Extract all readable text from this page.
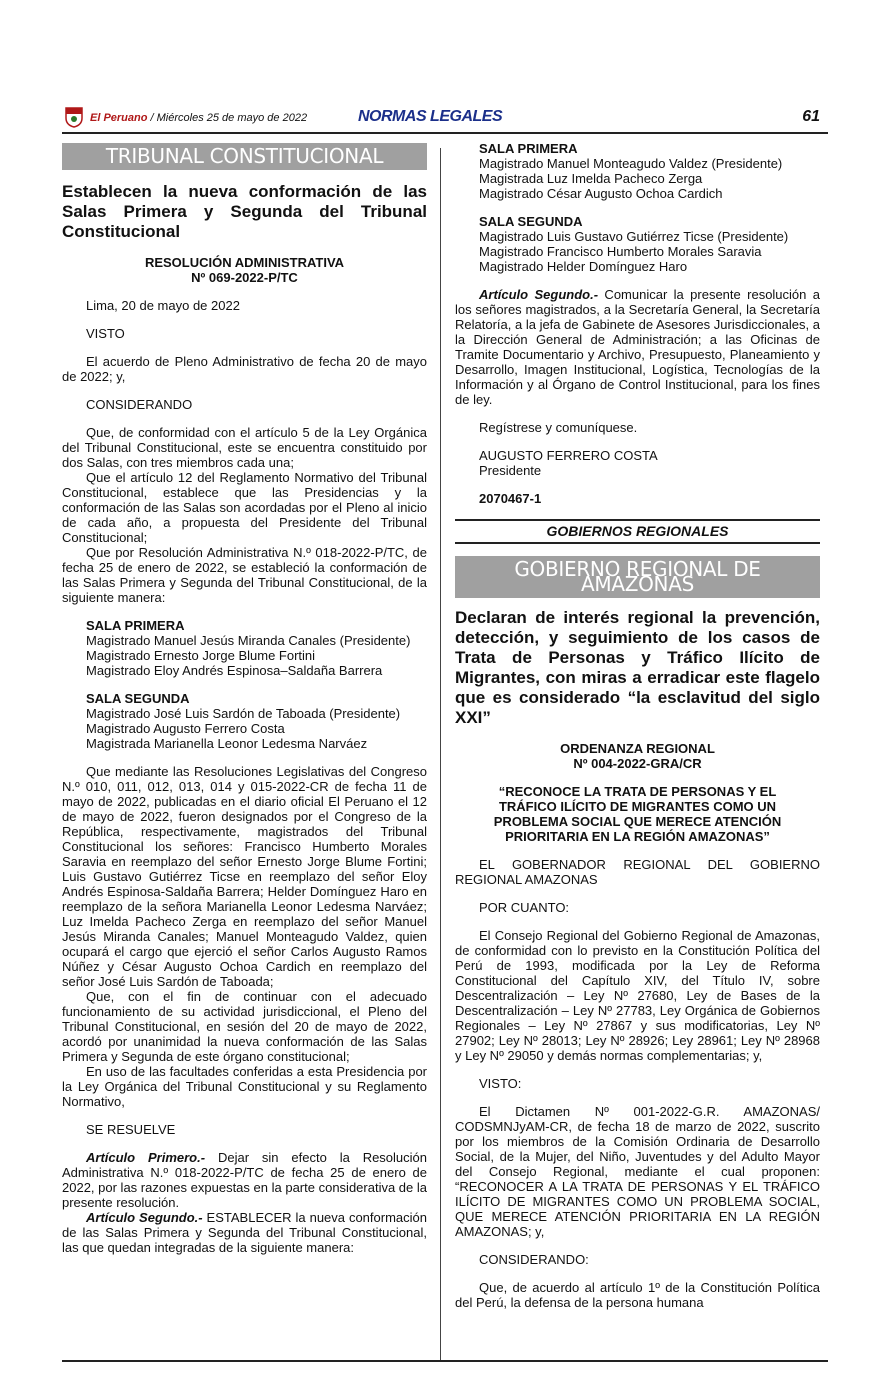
El Peruano / Miércoles 25 de mayo de 2022	NORMAS LEGALES	61
TRIBUNAL CONSTITUCIONAL

Establecen la nueva conformación de las Salas Primera y Segunda del Tribunal Constitucional

RESOLUCIÓN ADMINISTRATIVA
Nº 069-2022-P/TC

Lima, 20 de mayo de 2022

VISTO

El acuerdo de Pleno Administrativo de fecha 20 de mayo de 2022; y,

CONSIDERANDO

Que, de conformidad con el artículo 5 de la Ley Orgánica del Tribunal Constitucional, este se encuentra constituido por dos Salas, con tres miembros cada una;

Que el artículo 12 del Reglamento Normativo del Tribunal Constitucional, establece que las Presidencias y la conformación de las Salas son acordadas por el Pleno al inicio de cada año, a propuesta del Presidente del Tribunal Constitucional;

Que por Resolución Administrativa N.º 018-2022-P/TC, de fecha 25 de enero de 2022, se estableció la conformación de las Salas Primera y Segunda del Tribunal Constitucional, de la siguiente manera:

SALA PRIMERA

Magistrado Manuel Jesús Miranda Canales (Presidente)

Magistrado Ernesto Jorge Blume Fortini

Magistrado Eloy Andrés Espinosa–Saldaña Barrera

SALA SEGUNDA

Magistrado José Luis Sardón de Taboada (Presidente)

Magistrado Augusto Ferrero Costa

Magistrada Marianella Leonor Ledesma Narváez

Que mediante las Resoluciones Legislativas del Congreso N.º 010, 011, 012, 013, 014 y 015-2022-CR de fecha 11 de mayo de 2022, publicadas en el diario oficial El Peruano el 12 de mayo de 2022, fueron designados por el Congreso de la República, respectivamente, magistrados del Tribunal Constitucional los señores: Francisco Humberto Morales Saravia en reemplazo del señor Ernesto Jorge Blume Fortini; Luis Gustavo Gutiérrez Ticse en reemplazo del señor Eloy Andrés Espinosa-Saldaña Barrera; Helder Domínguez Haro en reemplazo de la señora Marianella Leonor Ledesma Narváez; Luz Imelda Pacheco Zerga en reemplazo del señor Manuel Jesús Miranda Canales; Manuel Monteagudo Valdez, quien ocupará el cargo que ejerció el señor Carlos Augusto Ramos Núñez y César Augusto Ochoa Cardich en reemplazo del señor José Luis Sardón de Taboada;

Que, con el fin de continuar con el adecuado funcionamiento de su actividad jurisdiccional, el Pleno del Tribunal Constitucional, en sesión del 20 de mayo de 2022, acordó por unanimidad la nueva conformación de las Salas Primera y Segunda de este órgano constitucional;

En uso de las facultades conferidas a esta Presidencia por la Ley Orgánica del Tribunal Constitucional y su Reglamento Normativo,

SE RESUELVE

Artículo Primero.- Dejar sin efecto la Resolución Administrativa N.º 018-2022-P/TC de fecha 25 de enero de 2022, por las razones expuestas en la parte considerativa de la presente resolución.

Artículo Segundo.- ESTABLECER la nueva conformación de las Salas Primera y Segunda del Tribunal Constitucional, las que quedan integradas de la siguiente manera:

SALA PRIMERA

Magistrado Manuel Monteagudo Valdez (Presidente)

Magistrada Luz Imelda Pacheco Zerga

Magistrado César Augusto Ochoa Cardich

SALA SEGUNDA

Magistrado Luis Gustavo Gutiérrez Ticse (Presidente)

Magistrado Francisco Humberto Morales Saravia

Magistrado Helder Domínguez Haro

Artículo Segundo.- Comunicar la presente resolución a los señores magistrados, a la Secretaría General, la Secretaría Relatoría, a la jefa de Gabinete de Asesores Jurisdiccionales, a la Dirección General de Administración; a las Oficinas de Tramite Documentario y Archivo, Presupuesto, Planeamiento y Desarrollo, Imagen Institucional, Logística, Tecnologías de la Información y al Órgano de Control Institucional, para los fines de ley.

Regístrese y comuníquese.

AUGUSTO FERRERO COSTA

Presidente

2070467-1

GOBIERNOS REGIONALES

GOBIERNO REGIONAL DE AMAZONAS

Declaran de interés regional la prevención, detección, y seguimiento de los casos de Trata de Personas y Tráfico Ilícito de Migrantes, con miras a erradicar este flagelo que es considerado “la esclavitud del siglo XXI”

ORDENANZA REGIONAL
Nº 004-2022-GRA/CR

“RECONOCE LA TRATA DE PERSONAS Y EL TRÁFICO ILÍCITO DE MIGRANTES COMO UN PROBLEMA SOCIAL QUE MERECE ATENCIÓN PRIORITARIA EN LA REGIÓN AMAZONAS”

EL GOBERNADOR REGIONAL DEL GOBIERNO REGIONAL AMAZONAS

POR CUANTO:

El Consejo Regional del Gobierno Regional de Amazonas, de conformidad con lo previsto en la Constitución Política del Perú de 1993, modificada por la Ley de Reforma Constitucional del Capítulo XIV, del Título IV, sobre Descentralización – Ley Nº 27680, Ley de Bases de la Descentralización – Ley Nº 27783, Ley Orgánica de Gobiernos Regionales – Ley Nº 27867 y sus modificatorias, Ley Nº 27902; Ley Nº 28013; Ley Nº 28926; Ley 28961; Ley Nº 28968 y Ley Nº 29050 y demás normas complementarias; y,

VISTO:

El Dictamen Nº 001-2022-G.R. AMAZONAS/ CODSMNJyAM-CR, de fecha 18 de marzo de 2022, suscrito por los miembros de la Comisión Ordinaria de Desarrollo Social, de la Mujer, del Niño, Juventudes y del Adulto Mayor del Consejo Regional, mediante el cual proponen: “RECONOCER A LA TRATA DE PERSONAS Y EL TRÁFICO ILÍCITO DE MIGRANTES COMO UN PROBLEMA SOCIAL, QUE MERECE ATENCIÓN PRIORITARIA EN LA REGIÓN AMAZONAS; y,

CONSIDERANDO:

Que, de acuerdo al artículo 1º de la Constitución Política del Perú, la defensa de la persona humana
